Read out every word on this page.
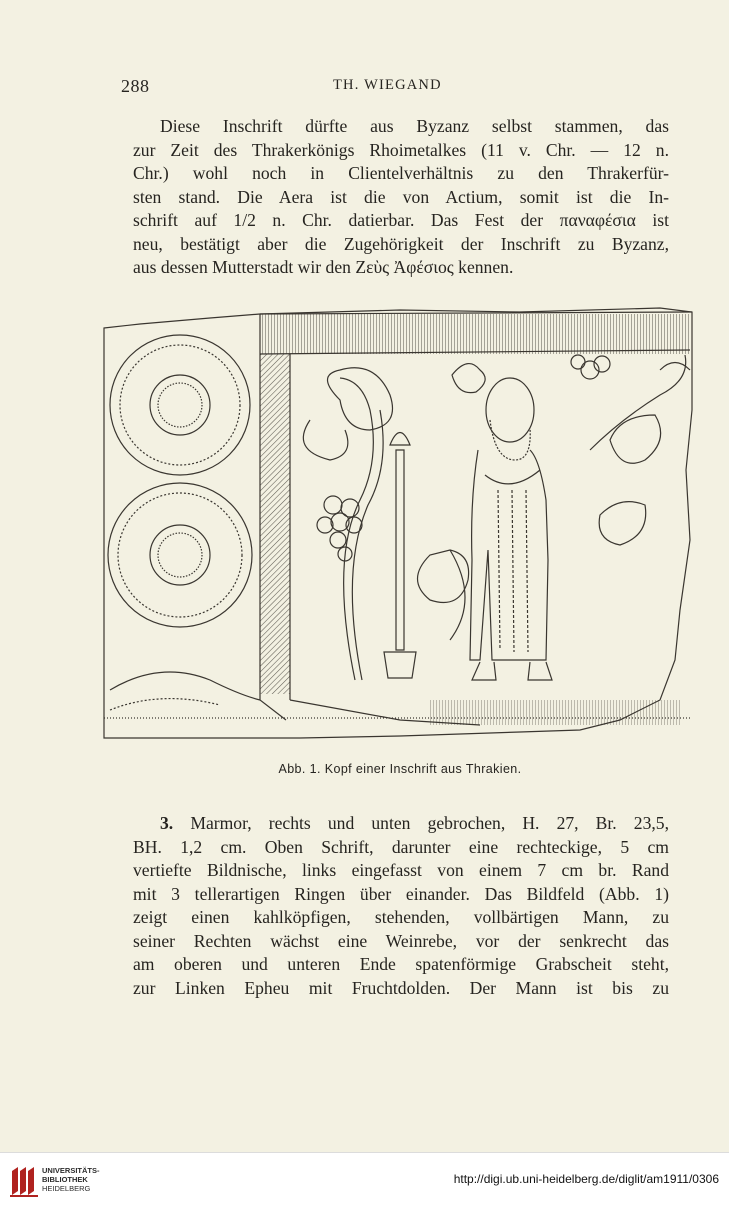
288	TH. WIEGAND
Diese Inschrift dürfte aus Byzanz selbst stammen, das
zur Zeit des Thrakerkönigs Rhoimetalkes (11 v. Chr. — 12 n.
Chr.) wohl noch in Clientelverhältnis zu den Thrakerfür-
sten stand. Die Aera ist die von Actium, somit ist die In-
schrift auf 1/2 n. Chr. datierbar. Das Fest der παναφέσια ist
neu, bestätigt aber die Zugehörigkeit der Inschrift zu Byzanz,
aus dessen Mutterstadt wir den Ζεὺς Ἀφέσιος kennen.
Abb. 1. Kopf einer Inschrift aus Thrakien.
3. Marmor, rechts und unten gebrochen, H. 27, Br. 23,5,
BH. 1,2 cm. Oben Schrift, darunter eine rechteckige, 5 cm
vertiefte Bildnische, links eingefasst von einem 7 cm br. Rand
mit 3 tellerartigen Ringen über einander. Das Bildfeld (Abb. 1)
zeigt einen kahlköpfigen, stehenden, vollbärtigen Mann, zu
seiner Rechten wächst eine Weinrebe, vor der senkrecht das
am oberen und unteren Ende spatenförmige Grabscheit steht,
zur Linken Epheu mit Fruchtdolden. Der Mann ist bis zu
UNIVERSITÄTS-
BIBLIOTHEK
HEIDELBERG
http://digi.ub.uni-heidelberg.de/diglit/am1911/0306
